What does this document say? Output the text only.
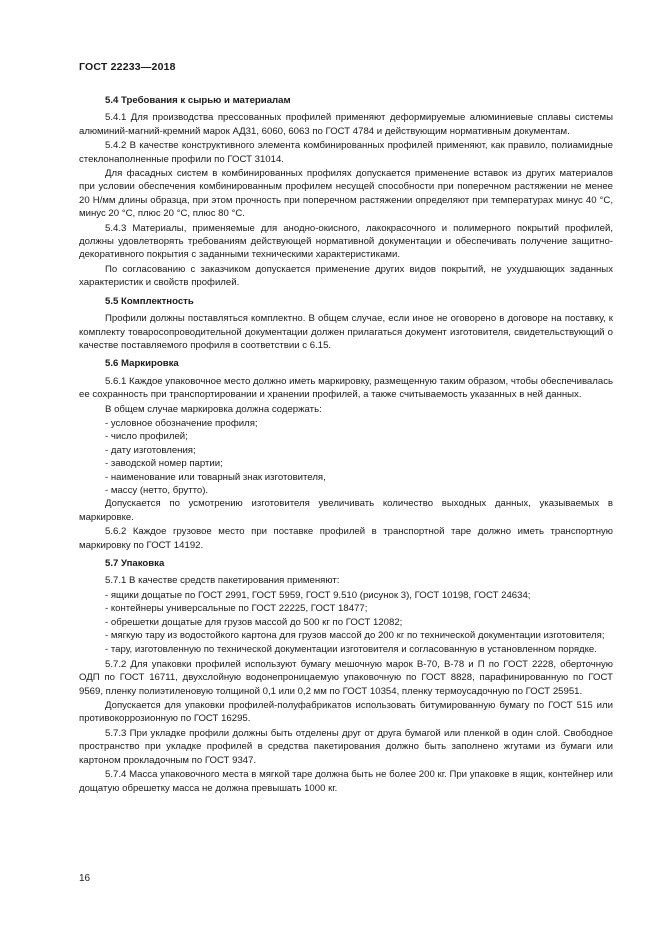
ГОСТ 22233—2018
5.4 Требования к сырью и материалам
5.4.1 Для производства прессованных профилей применяют деформируемые алюминиевые сплавы системы алюминий-магний-кремний марок АД31, 6060, 6063 по ГОСТ 4784 и действующим нормативным документам.
5.4.2 В качестве конструктивного элемента комбинированных профилей применяют, как правило, полиамидные стеклонаполненные профили по ГОСТ 31014.
Для фасадных систем в комбинированных профилях допускается применение вставок из других материалов при условии обеспечения комбинированным профилем несущей способности при поперечном растяжении не менее 20 Н/мм длины образца, при этом прочность при поперечном растяжении определяют при температурах минус 40 °С, минус 20 °С, плюс 20 °С, плюс 80 °С.
5.4.3 Материалы, применяемые для анодно-окисного, лакокрасочного и полимерного покрытий профилей, должны удовлетворять требованиям действующей нормативной документации и обеспечивать получение защитно-декоративного покрытия с заданными техническими характеристиками.
По согласованию с заказчиком допускается применение других видов покрытий, не ухудшающих заданных характеристик и свойств профилей.
5.5 Комплектность
Профили должны поставляться комплектно. В общем случае, если иное не оговорено в договоре на поставку, к комплекту товаросопроводительной документации должен прилагаться документ изготовителя, свидетельствующий о качестве поставляемого профиля в соответствии с 6.15.
5.6 Маркировка
5.6.1 Каждое упаковочное место должно иметь маркировку, размещенную таким образом, чтобы обеспечивалась ее сохранность при транспортировании и хранении профилей, а также считываемость указанных в ней данных.
В общем случае маркировка должна содержать:
- условное обозначение профиля;
- число профилей;
- дату изготовления;
- заводской номер партии;
- наименование или товарный знак изготовителя,
- массу (нетто, брутто).
Допускается по усмотрению изготовителя увеличивать количество выходных данных, указываемых в маркировке.
5.6.2 Каждое грузовое место при поставке профилей в транспортной таре должно иметь транспортную маркировку по ГОСТ 14192.
5.7 Упаковка
5.7.1 В качестве средств пакетирования применяют:
- ящики дощатые по ГОСТ 2991, ГОСТ 5959, ГОСТ 9.510 (рисунок 3), ГОСТ 10198, ГОСТ 24634;
- контейнеры универсальные по ГОСТ 22225, ГОСТ 18477;
- обрешетки дощатые для грузов массой до 500 кг по ГОСТ 12082;
- мягкую тару из водостойкого картона для грузов массой до 200 кг по технической документации изготовителя;
- тару, изготовленную по технической документации изготовителя и согласованную в установленном порядке.
5.7.2 Для упаковки профилей используют бумагу мешочную марок В-70, В-78 и П по ГОСТ 2228, оберточную ОДП по ГОСТ 16711, двухслойную водонепроницаемую упаковочную по ГОСТ 8828, парафинированную по ГОСТ 9569, пленку полиэтиленовую толщиной 0,1 или 0,2 мм по ГОСТ 10354, пленку термоусадочную по ГОСТ 25951.
Допускается для упаковки профилей-полуфабрикатов использовать битумированную бумагу по ГОСТ 515 или противокоррозионную по ГОСТ 16295.
5.7.3 При укладке профили должны быть отделены друг от друга бумагой или пленкой в один слой. Свободное пространство при укладке профилей в средства пакетирования должно быть заполнено жгутами из бумаги или картоном прокладочным по ГОСТ 9347.
5.7.4 Масса упаковочного места в мягкой таре должна быть не более 200 кг. При упаковке в ящик, контейнер или дощатую обрешетку масса не должна превышать 1000 кг.
16
